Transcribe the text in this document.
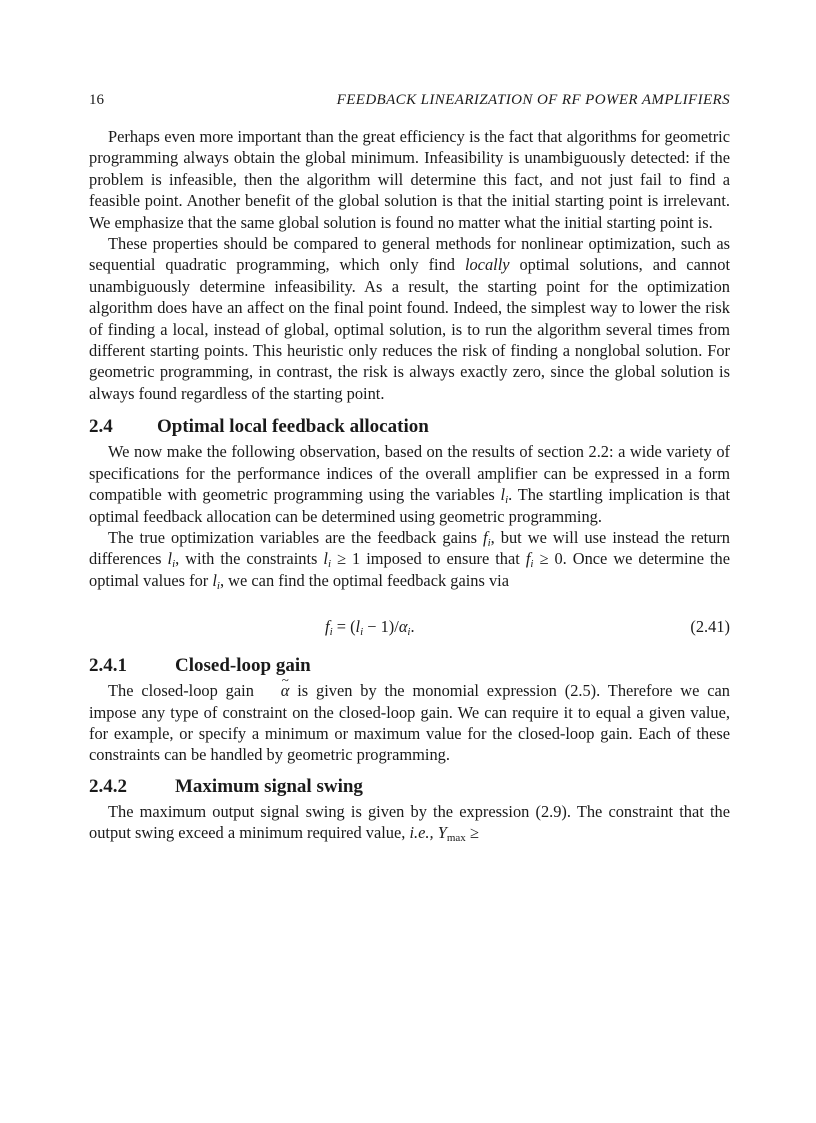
16	FEEDBACK LINEARIZATION OF RF POWER AMPLIFIERS

Perhaps even more important than the great efficiency is the fact that algorithms for geometric programming always obtain the global minimum. Infeasibility is unambiguously detected: if the problem is infeasible, then the algorithm will determine this fact, and not just fail to find a feasible point. Another benefit of the global solution is that the initial starting point is irrelevant. We emphasize that the same global solution is found no matter what the initial starting point is.

These properties should be compared to general methods for nonlinear optimization, such as sequential quadratic programming, which only find locally optimal solutions, and cannot unambiguously determine infeasibility. As a result, the starting point for the optimization algorithm does have an affect on the final point found. Indeed, the simplest way to lower the risk of finding a local, instead of global, optimal solution, is to run the algorithm several times from different starting points. This heuristic only reduces the risk of finding a nonglobal solution. For geometric programming, in contrast, the risk is always exactly zero, since the global solution is always found regardless of the starting point.

2.4 Optimal local feedback allocation

We now make the following observation, based on the results of section 2.2: a wide variety of specifications for the performance indices of the overall amplifier can be expressed in a form compatible with geometric programming using the variables $l_i$. The startling implication is that optimal feedback allocation can be determined using geometric programming.

The true optimization variables are the feedback gains $f_i$, but we will use instead the return differences $l_i$, with the constraints $l_i \ge 1$ imposed to ensure that $f_i \ge 0$. Once we determine the optimal values for $l_i$, we can find the optimal feedback gains via

$f_i = (l_i - 1)/\alpha_i$.	(2.41)
2.4.1	Closed-loop gain

The closed-loop gain ~ α is given by the monomial expression (2.5). Therefore we can impose any type of constraint on the closed-loop gain. We can require it to equal a given value, for example, or specify a minimum or maximum value for the closed-loop gain. Each of these constraints can be handled by geometric programming.

2.4.2	Maximum signal swing

The maximum output signal swing is given by the expression (2.9). The constraint that the output swing exceed a minimum required value, i.e., $Y_{max}$ ≥
